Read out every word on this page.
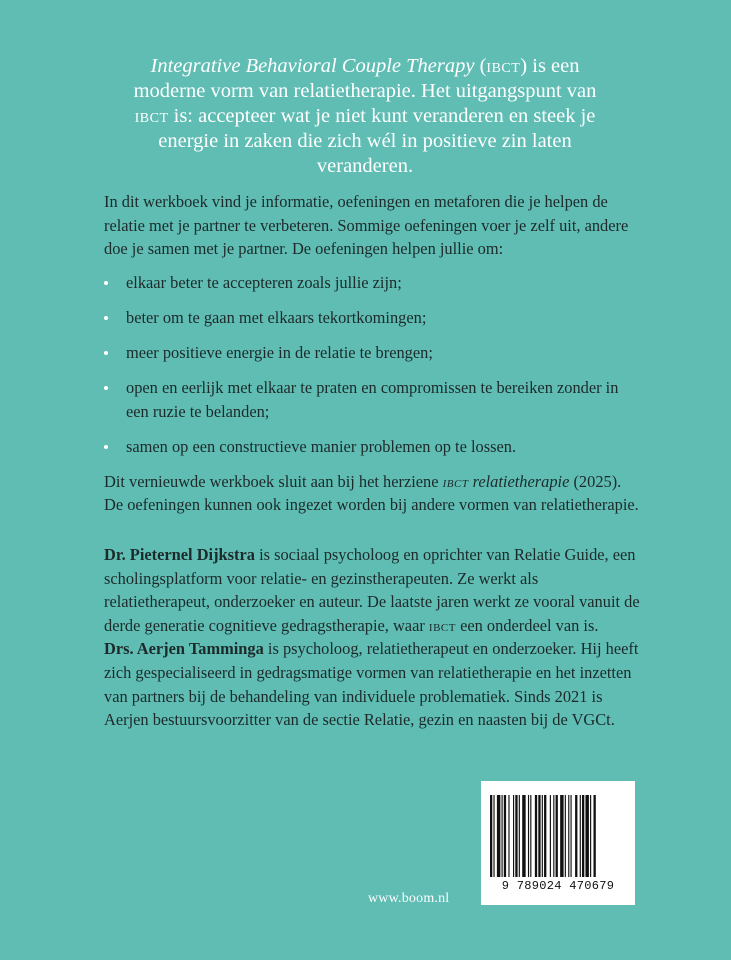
Integrative Behavioral Couple Therapy (ibct) is een moderne vorm van relatietherapie. Het uitgangspunt van ibct is: accepteer wat je niet kunt veranderen en steek je energie in zaken die zich wél in positieve zin laten veranderen.

In dit werkboek vind je informatie, oefeningen en metaforen die je helpen de relatie met je partner te verbeteren. Sommige oefeningen voer je zelf uit, andere doe je samen met je partner. De oefeningen helpen jullie om:

elkaar beter te accepteren zoals jullie zijn;
beter om te gaan met elkaars tekortkomingen;
meer positieve energie in de relatie te brengen;
open en eerlijk met elkaar te praten en compromissen te bereiken zonder in een ruzie te belanden;
samen op een constructieve manier problemen op te lossen.

Dit vernieuwde werkboek sluit aan bij het herziene ibct relatietherapie (2025). De oefeningen kunnen ook ingezet worden bij andere vormen van relatietherapie.

Dr. Pieternel Dijkstra is sociaal psycholoog en oprichter van Relatie Guide, een scholingsplatform voor relatie- en gezinstherapeuten. Ze werkt als relatietherapeut, onderzoeker en auteur. De laatste jaren werkt ze vooral vanuit de derde generatie cognitieve gedragstherapie, waar ibct een onderdeel van is.

Drs. Aerjen Tamminga is psycholoog, relatietherapeut en onderzoeker. Hij heeft zich gespecialiseerd in gedragsmatige vormen van relatietherapie en het inzetten van partners bij de behandeling van individuele problematiek. Sinds 2021 is Aerjen bestuursvoorzitter van de sectie Relatie, gezin en naasten bij de VGCt.

9 789024 470679
www.boom.nl
